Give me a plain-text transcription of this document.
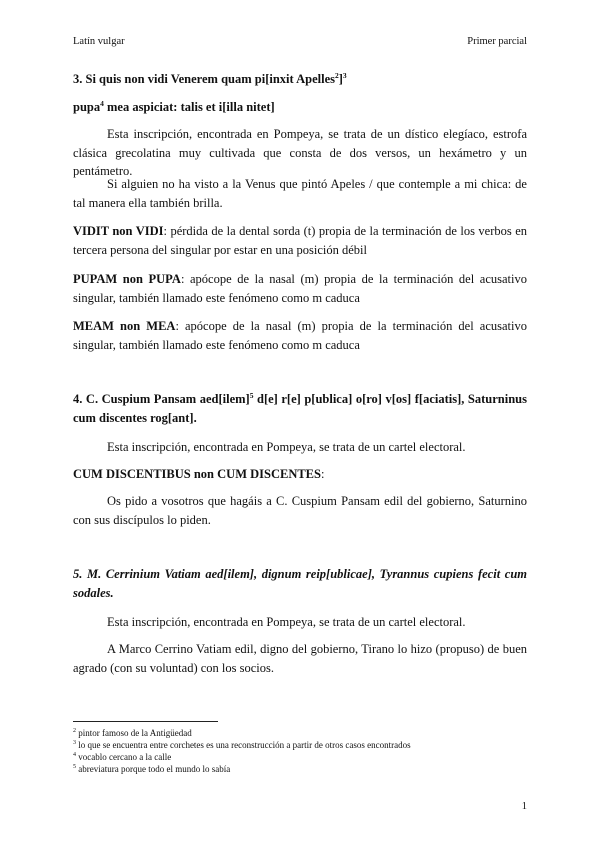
Latín vulgar	Primer parcial
3. Si quis non vidi Venerem quam pi[inxit Apelles$^2$]$^3$
pupa$^4$ mea aspiciat: talis et i[illa nitet]
Esta inscripción, encontrada en Pompeya, se trata de un dístico elegíaco, estrofa clásica grecolatina muy cultivada que consta de dos versos, un hexámetro y un pentámetro.
Si alguien no ha visto a la Venus que pintó Apeles / que contemple a mi chica: de tal manera ella también brilla.
VIDIT non VIDI: pérdida de la dental sorda (t) propia de la terminación de los verbos en tercera persona del singular por estar en una posición débil
PUPAM non PUPA: apócope de la nasal (m) propia de la terminación del acusativo singular, también llamado este fenómeno como m caduca
MEAM non MEA: apócope de la nasal (m) propia de la terminación del acusativo singular, también llamado este fenómeno como m caduca
4. C. Cuspium Pansam aed[ilem]$^5$ d[e] r[e] p[ublica] o[ro] v[os] f[aciatis], Saturninus cum discentes rog[ant].
Esta inscripción, encontrada en Pompeya, se trata de un cartel electoral.
CUM DISCENTIBUS non CUM DISCENTES:
Os pido a vosotros que hagáis a C. Cuspium Pansam edil del gobierno, Saturnino con sus discípulos lo piden.
5. M. Cerrinium Vatiam aed[ilem], dignum reip[ublicae], Tyrannus cupiens fecit cum sodales.
Esta inscripción, encontrada en Pompeya, se trata de un cartel electoral.
A Marco Cerrino Vatiam edil, digno del gobierno, Tirano lo hizo (propuso) de buen agrado (con su voluntad) con los socios.
$^2$ pintor famoso de la Antigüedad
$^3$ lo que se encuentra entre corchetes es una reconstrucción a partir de otros casos encontrados
$^4$ vocablo cercano a la calle
$^5$ abreviatura porque todo el mundo lo sabía
1
